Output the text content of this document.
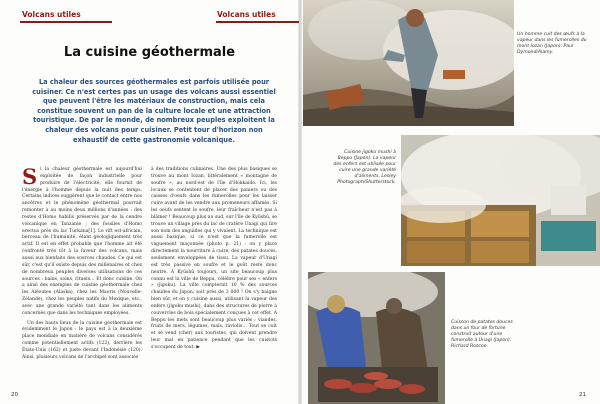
Volcans utiles	Volcans utiles
La cuisine géothermale
La chaleur des sources géothermales est parfois utilisée pour cuisiner. Ce n'est certes pas un usage des volcans aussi essentiel que peuvent l'être les matériaux de construction, mais cela constitue souvent un pan de la culture locale et une attraction touristique. De par le monde, de nombreux peuples exploitent la chaleur des volcans pour cuisiner. Petit tour d'horizon non exhaustif de cette gastronomie volcanique.

Si la chaleur géothermale est aujourd'hui exploitée de façon industrielle pour produire de l'électricité, elle fournit de l'énergie à l'homme depuis la nuit des temps. Certains indices suggèrent que le contact entre nos ancêtres et le phénomène géothermal pourrait remonter à au moins deux millions d'années : des restes d'Homo habilis préservés par de la cendre volcanique en Tanzanie ; des fossiles d'Homo erectus près du lac Turkana[1]. Le rift est-africain, berceau de l'humanité, étant géologiquement très actif. Il est en effet probable que l'homme ait été confronté très tôt à la faveur des volcans, mais aussi aux bienfaits des sources chaudes. Ce qui est sûr, c'est qu'il existe depuis des millénaires et chez de nombreux peuples diverses utilisations de ces sources : bains, soins, rituels… Et donc cuisine. On a ainsi des exemples de cuisine géothermale chez les Aléoutes (Alaska), chez les Maoris (Nouvelle-Zélande), chez les peuples natifs du Mexique, etc., avec une grande variété tant dans les aliments concernés que dans les techniques employées.

Un des hauts lieux de la cuisine géothermale est évidemment le Japon : le pays est à la deuxième place mondiale en matière de volcans considérés comme potentiellement actifs (122), derrière les États-Unis (162) et juste devant l'Indonésie (120). Ainsi, plusieurs volcans de l'archipel sont associés

à des traditions culinaires. Une des plus basiques se trouve au mont Iozan, littéralement « montagne de soufre », au nord-est de l'île d'Hokkaido. Ici, les locaux se contentent de placer des paniers ou des caisses d'oeufs dans les fumerolles pour les laisser cuire avant de les vendre aux promeneurs affamés. Si les oeufs sentent le soufre, leur fraîcheur n'est pas à blâmer ! Beaucoup plus au sud, sur l'île de Kyûshû, se trouve un village près du lac de cratère Unagi qui tire son nom des anguilles qui y vivaient. La technique est aussi basique, si ce n'est que la fumerolle est vaguement maçonnée (photo p. 21) : on y place directement la nourriture à cuire, des patates douces, seulement enveloppées de tissu. La vapeur d'Unagi est très passive en soufre et le goût reste donc neutre. À Kyûshû toujours, un site beaucoup plus connu est la ville de Beppu, célèbre pour ses « enfers » (jigoku). La ville compterait 10 % des sources chaudes du Japon, soit près de 3 000 ! On s'y baigne bien sûr, et on y cuisine aussi, utilisant la vapeur des enfers (jigoku mushi), dans des structures de pierre à couvercles de bois spécialement conçues à cet effet. À Beppu les mets sont beaucoup plus variés : viandes, fruits de mers, légumes, maïs, raviolis… Tout se cuit et se vend (cher) aux touristes, qui doivent prendre leur mal en patience pendant que les cuistots s'occupent de tout. ▶

20	21
Un homme cuit des œufs à la vapeur dans les fumerolles du mont Iozan (Japon). Paul Dymond/Alamy.
Cuisine jigoku mushi à Beppu (Japon). La vapeur des enfers est utilisée pour cuire une grande variété d'aliments. Lesley Photograph/Shutterstock.
Cuisson de patates douces dans un four de fortune construit autour d'une fumerolle à Unagi (Japon). Richard Roscoe.
